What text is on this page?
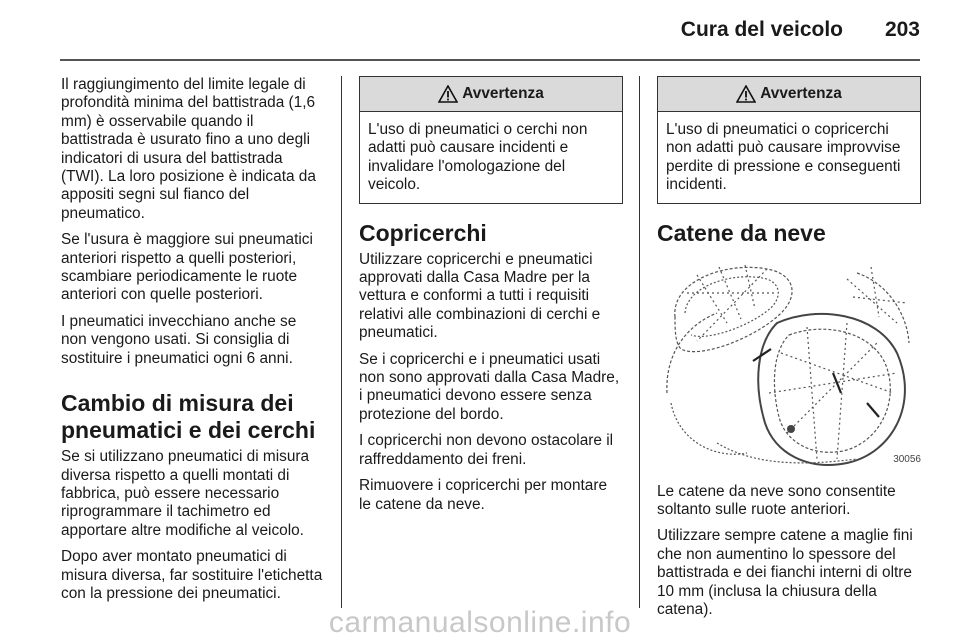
Cura del veicolo 203

Il raggiungimento del limite legale di profondità minima del battistrada (1,6 mm) è osservabile quando il battistrada è usurato fino a uno degli indicatori di usura del battistrada (TWI). La loro posizione è indicata da appositi segni sul fianco del pneumatico.

Se l'usura è maggiore sui pneumatici anteriori rispetto a quelli posteriori, scambiare periodicamente le ruote anteriori con quelle posteriori.

I pneumatici invecchiano anche se non vengono usati. Si consiglia di sostituire i pneumatici ogni 6 anni.

Cambio di misura dei pneumatici e dei cerchi

Se si utilizzano pneumatici di misura diversa rispetto a quelli montati di fabbrica, può essere necessario riprogrammare il tachimetro ed apportare altre modifiche al veicolo.

Dopo aver montato pneumatici di misura diversa, far sostituire l'etichetta con la pressione dei pneumatici.

Avvertenza
L'uso di pneumatici o cerchi non adatti può causare incidenti e invalidare l'omologazione del veicolo.
Copricerchi

Utilizzare copricerchi e pneumatici approvati dalla Casa Madre per la vettura e conformi a tutti i requisiti relativi alle combinazioni di cerchi e pneumatici.

Se i copricerchi e i pneumatici usati non sono approvati dalla Casa Madre, i pneumatici devono essere senza protezione del bordo.

I copricerchi non devono ostacolare il raffreddamento dei freni.

Rimuovere i copricerchi per montare le catene da neve.

Avvertenza
L'uso di pneumatici o copricerchi non adatti può causare improvvise perdite di pressione e conseguenti incidenti.
Catene da neve
30056

Le catene da neve sono consentite soltanto sulle ruote anteriori.

Utilizzare sempre catene a maglie fini che non aumentino lo spessore del battistrada e dei fianchi interni di oltre 10 mm (inclusa la chiusura della catena).

carmanualsonline.info
